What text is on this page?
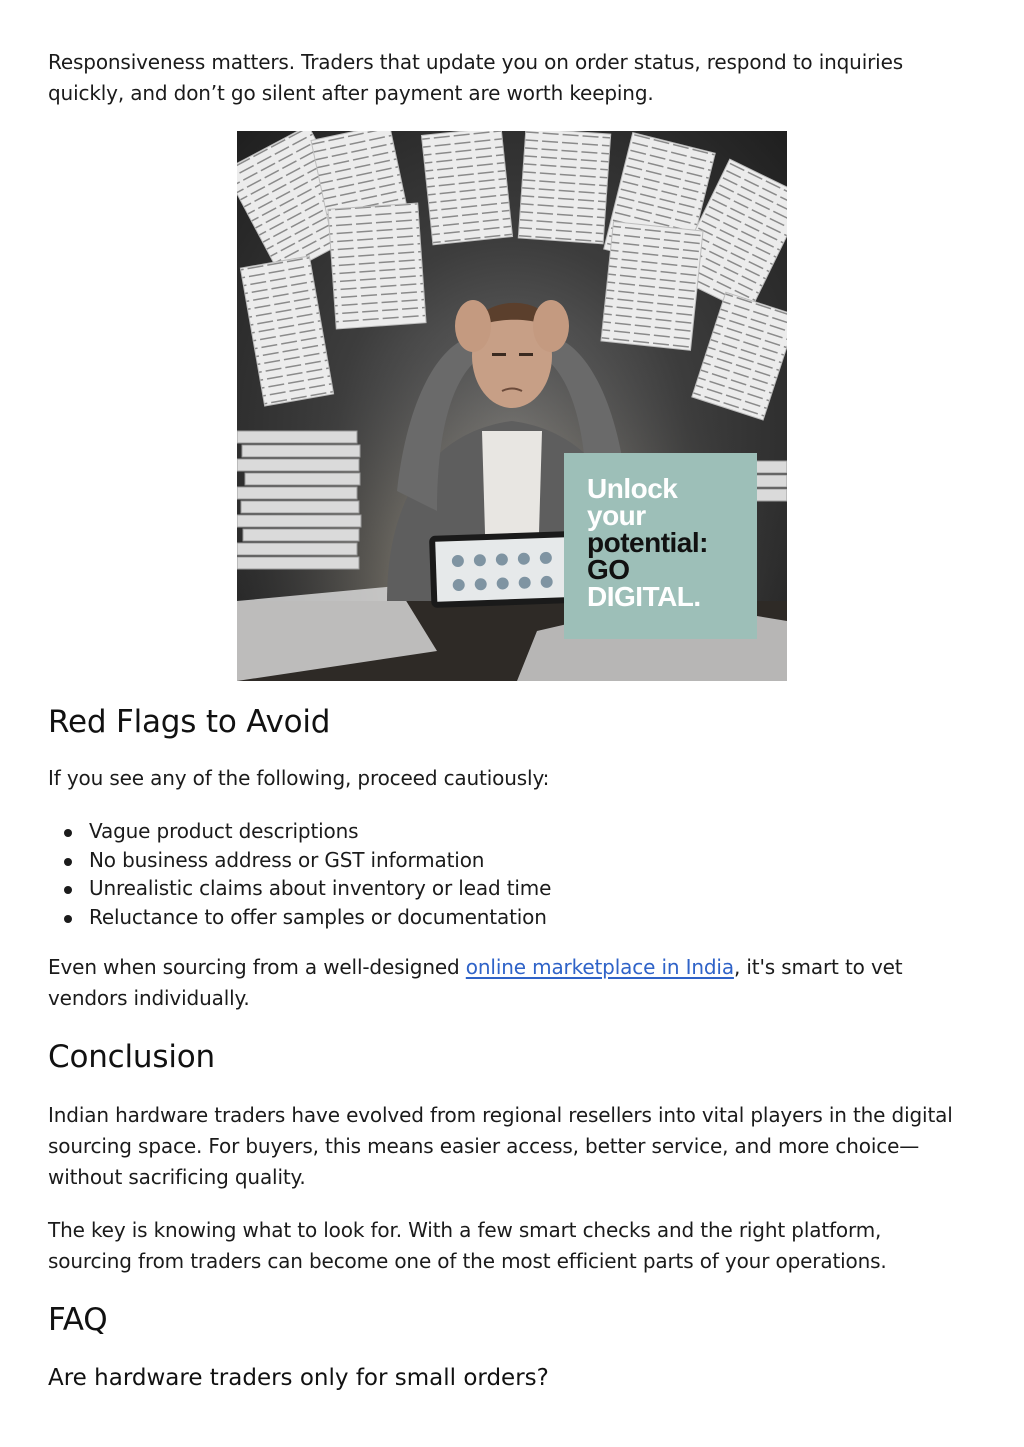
Responsiveness matters. Traders that update you on order status, respond to inquiries quickly, and don’t go silent after payment are worth keeping.

Unlock
your
potential:
GO
DIGITAL.
Red Flags to Avoid

If you see any of the following, proceed cautiously:

Vague product descriptions
No business address or GST information
Unrealistic claims about inventory or lead time
Reluctance to offer samples or documentation

Even when sourcing from a well-designed online marketplace in India, it's smart to vet vendors individually.

Conclusion

Indian hardware traders have evolved from regional resellers into vital players in the digital sourcing space. For buyers, this means easier access, better service, and more choice—without sacrificing quality.

The key is knowing what to look for. With a few smart checks and the right platform, sourcing from traders can become one of the most efficient parts of your operations.

FAQ
Are hardware traders only for small orders?
